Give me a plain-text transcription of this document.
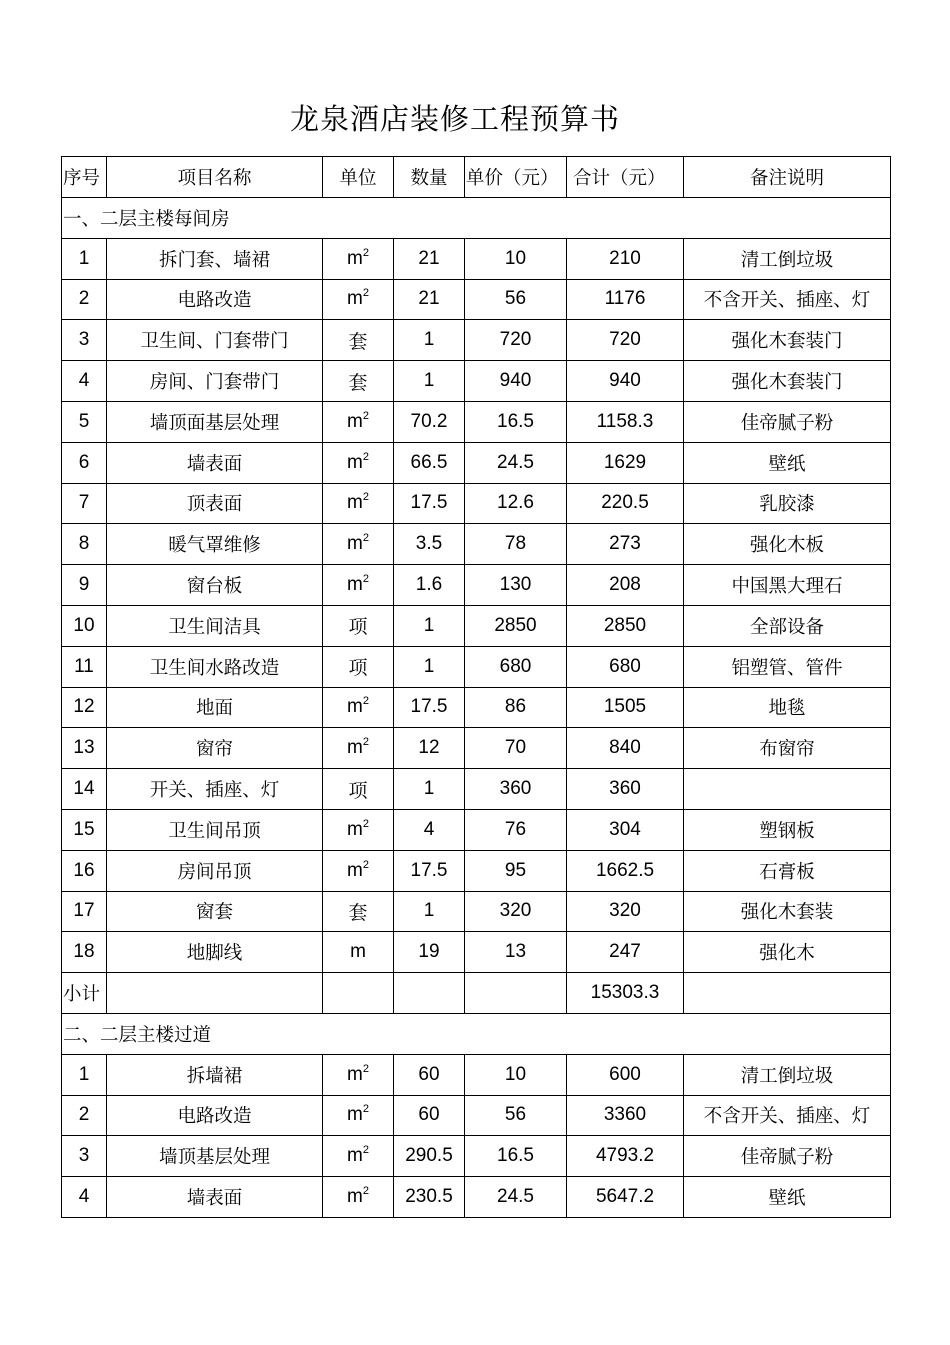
龙泉酒店装修工程预算书
序号	项目名称	单位	数量	单价（元）	合计（元）	备注说明
一、二层主楼每间房						
1	拆门套、墙裙	$m^2$	21	10	210	清工倒垃圾
2	电路改造	$m^2$	21	56	1176	不含开关、插座、灯
3	卫生间、门套带门	套	1	720	720	强化木套装门
4	房间、门套带门	套	1	940	940	强化木套装门
5	墙顶面基层处理	$m^2$	70.2	16.5	1158.3	佳帝腻子粉
6	墙表面	$m^2$	66.5	24.5	1629	壁纸
7	顶表面	$m^2$	17.5	12.6	220.5	乳胶漆
8	暖气罩维修	$m^2$	3.5	78	273	强化木板
9	窗台板	$m^2$	1.6	130	208	中国黑大理石
10	卫生间洁具	项	1	2850	2850	全部设备
11	卫生间水路改造	项	1	680	680	铝塑管、管件
12	地面	$m^2$	17.5	86	1505	地毯
13	窗帘	$m^2$	12	70	840	布窗帘
14	开关、插座、灯	项	1	360	360	
15	卫生间吊顶	$m^2$	4	76	304	塑钢板
16	房间吊顶	$m^2$	17.5	95	1662.5	石膏板
17	窗套	套	1	320	320	强化木套装
18	地脚线	m	19	13	247	强化木
小计					15303.3	
二、二层主楼过道						
1	拆墙裙	$m^2$	60	10	600	清工倒垃圾
2	电路改造	$m^2$	60	56	3360	不含开关、插座、灯
3	墙顶基层处理	$m^2$	290.5	16.5	4793.2	佳帝腻子粉
4	墙表面	$m^2$	230.5	24.5	5647.2	壁纸
